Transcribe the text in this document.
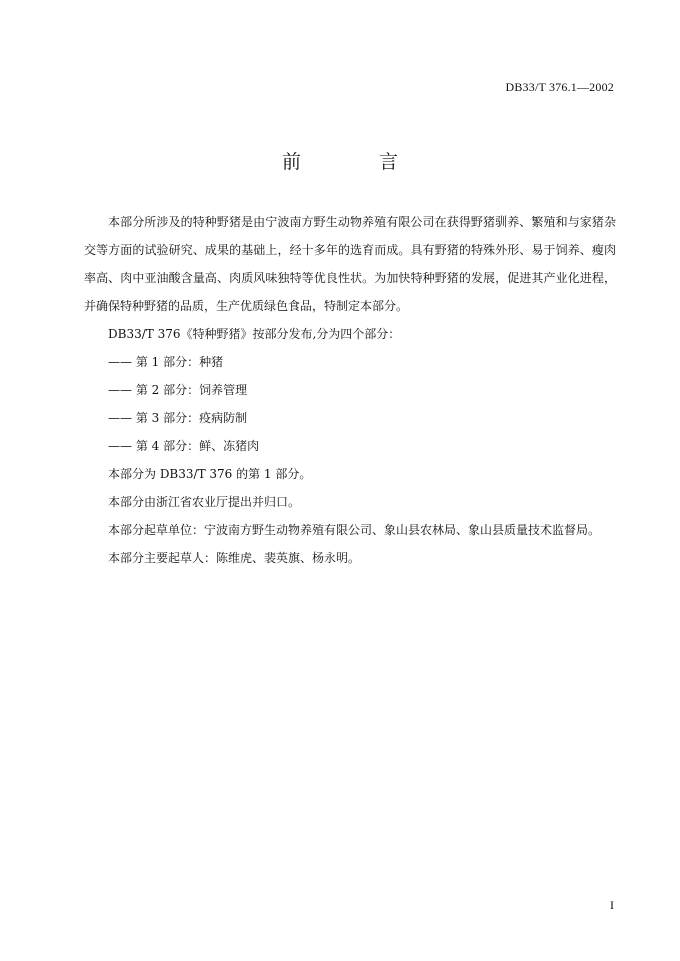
DB33/T 376.1—2002
前 言

本部分所涉及的特种野猪是由宁波南方野生动物养殖有限公司在获得野猪驯养、繁殖和与家猪杂交等方面的试验研究、成果的基础上，经十多年的选育而成。具有野猪的特殊外形、易于饲养、瘦肉率高、肉中亚油酸含量高、肉质风味独特等优良性状。为加快特种野猪的发展，促进其产业化进程，并确保特种野猪的品质，生产优质绿色食品，特制定本部分。

DB33/T 376《特种野猪》按部分发布,分为四个部分：

—— 第 1 部分：种猪

—— 第 2 部分：饲养管理

—— 第 3 部分：疫病防制

—— 第 4 部分：鲜、冻猪肉

本部分为 DB33/T 376 的第 1 部分。

本部分由浙江省农业厅提出并归口。

本部分起草单位：宁波南方野生动物养殖有限公司、象山县农林局、象山县质量技术监督局。

本部分主要起草人：陈维虎、裴英旗、杨永明。

I
